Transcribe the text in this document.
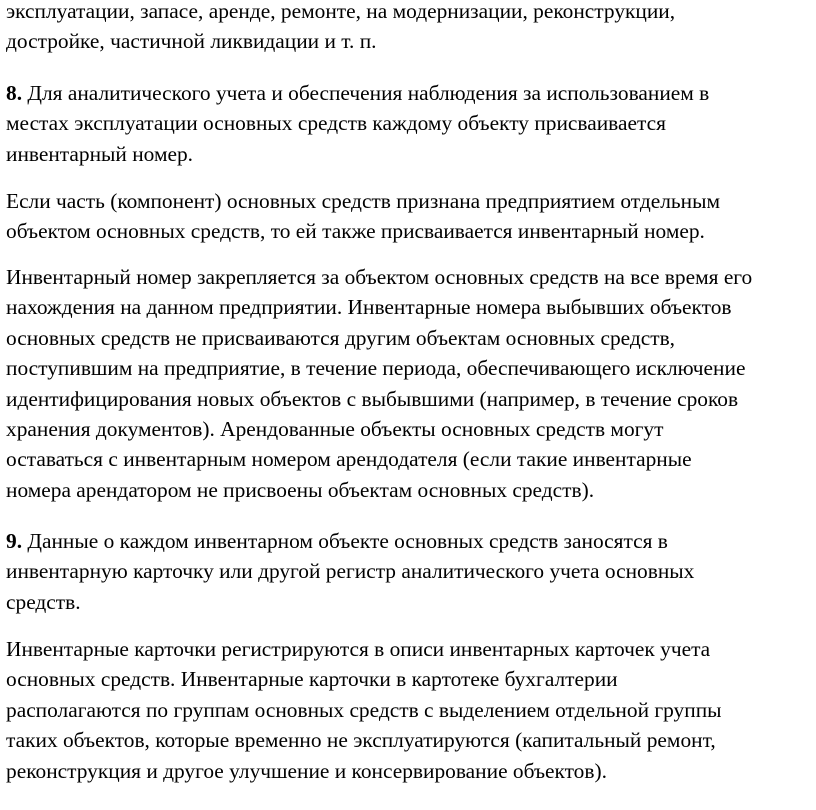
эксплуатации, запасе, аренде, ремонте, на модернизации, реконструкции,
достройке, частичной ликвидации и т. п.

8. Для аналитического учета и обеспечения наблюдения за использованием в
местах эксплуатации основных средств каждому объекту присваивается
инвентарный номер.

Если часть (компонент) основных средств признана предприятием отдельным
объектом основных средств, то ей также присваивается инвентарный номер.

Инвентарный номер закрепляется за объектом основных средств на все время его
нахождения на данном предприятии. Инвентарные номера выбывших объектов
основных средств не присваиваются другим объектам основных средств,
поступившим на предприятие, в течение периода, обеспечивающего исключение
идентифицирования новых объектов с выбывшими (например, в течение сроков
хранения документов). Арендованные объекты основных средств могут
оставаться с инвентарным номером арендодателя (если такие инвентарные
номера арендатором не присвоены объектам основных средств).

9. Данные о каждом инвентарном объекте основных средств заносятся в
инвентарную карточку или другой регистр аналитического учета основных
средств.

Инвентарные карточки регистрируются в описи инвентарных карточек учета
основных средств. Инвентарные карточки в картотеке бухгалтерии
располагаются по группам основных средств с выделением отдельной группы
таких объектов, которые временно не эксплуатируются (капитальный ремонт,
реконструкция и другое улучшение и консервирование объектов).
